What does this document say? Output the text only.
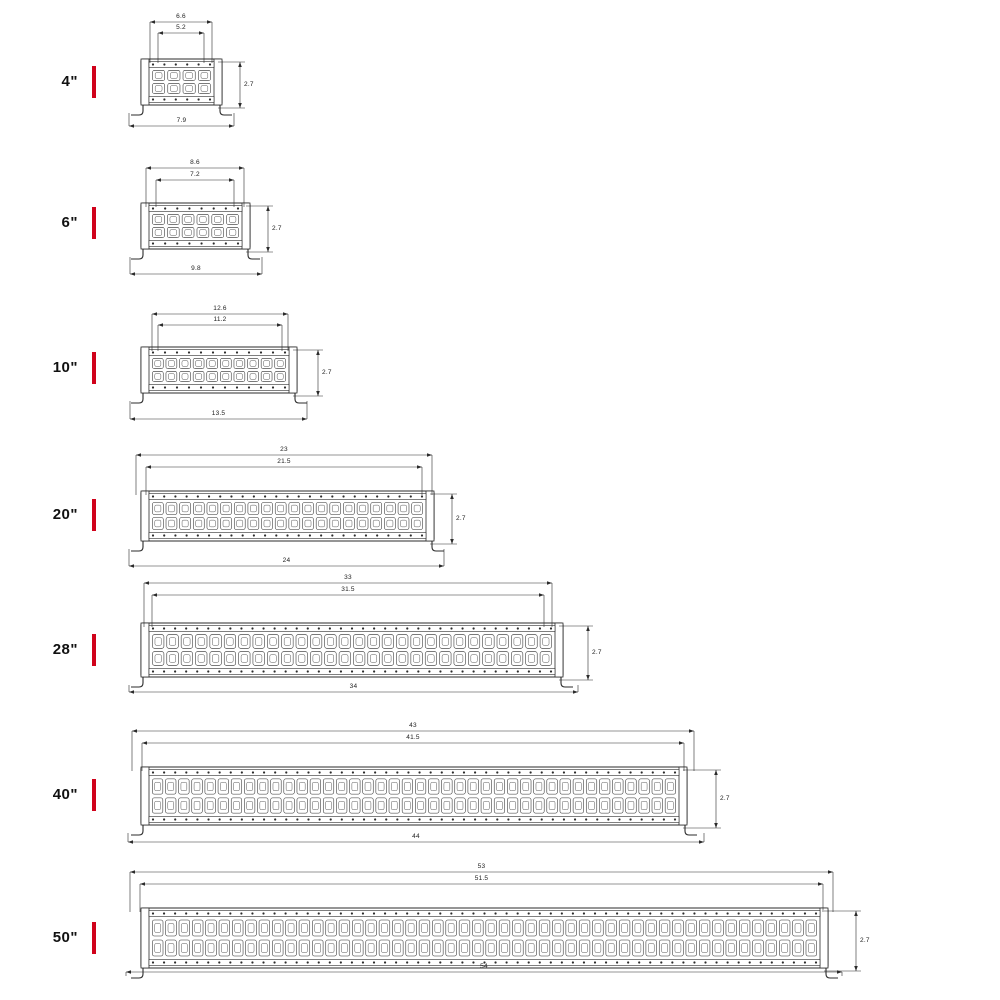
4"
6.6
5.2
7.9
2.7
6"
8.6
7.2
9.8
2.7
10"
12.6
11.2
13.5
2.7
20"
23
21.5
24
2.7
28"
33
31.5
34
2.7
40"
43
41.5
44
2.7
50"
53
51.5
54
2.7
